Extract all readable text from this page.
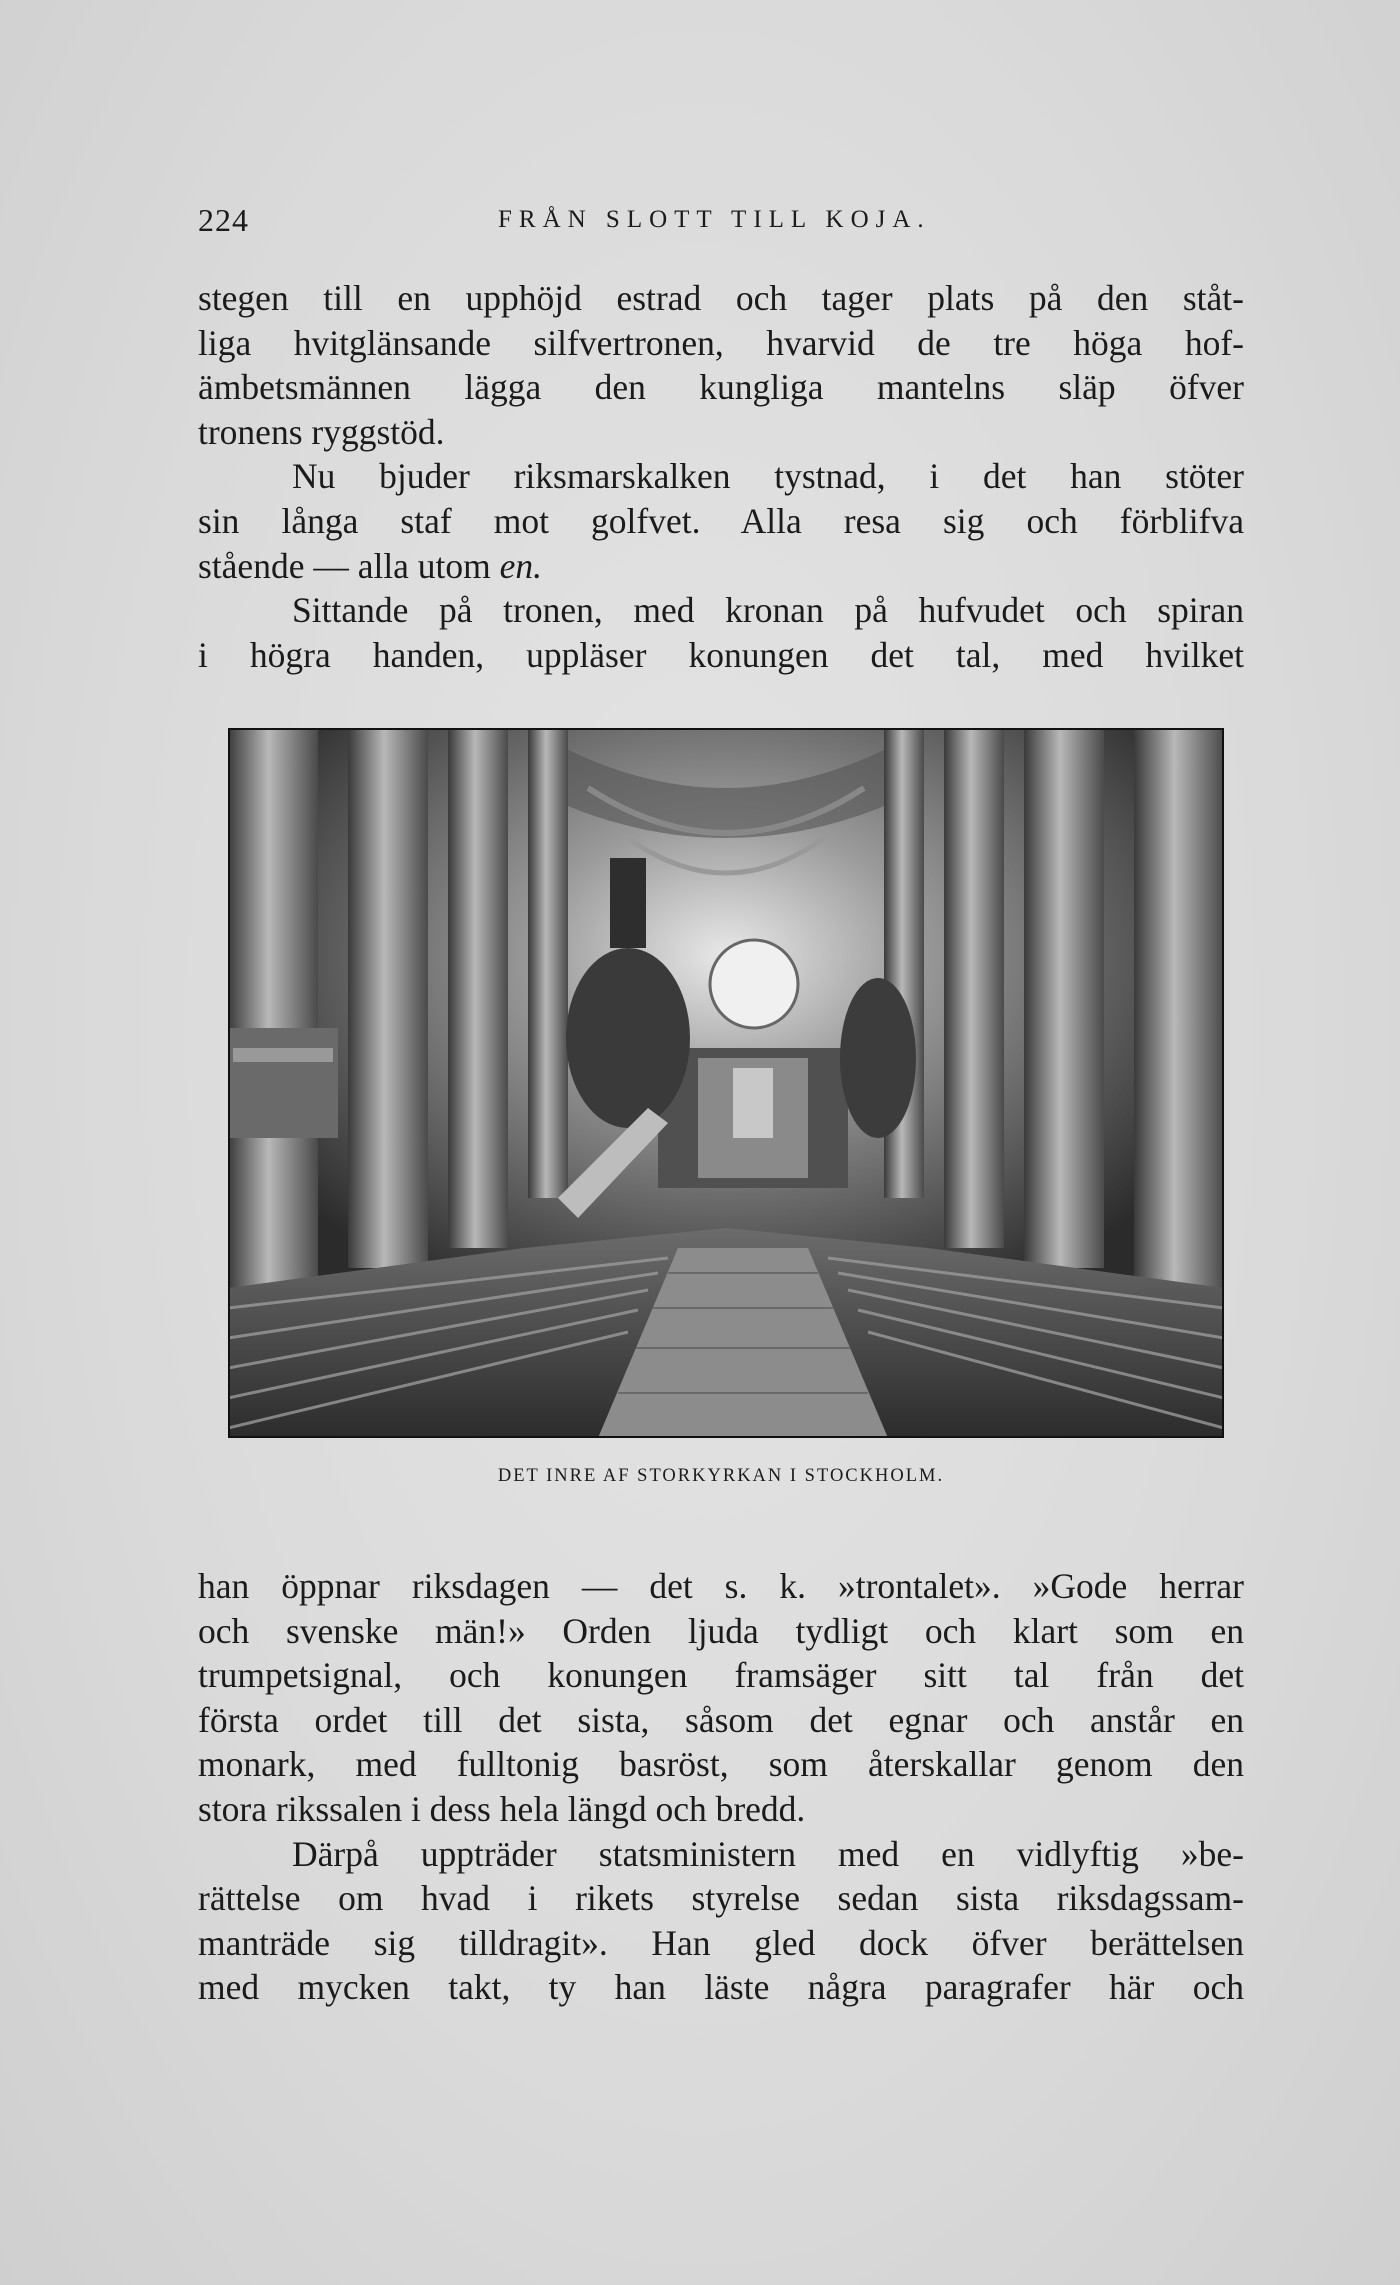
224	FRÅN SLOTT TILL KOJA.
stegen till en upphöjd estrad och tager plats på den ståt-
liga hvitglänsande silfvertronen, hvarvid de tre höga hof-
ämbetsmännen lägga den kungliga mantelns släp öfver
tronens ryggstöd.
Nu bjuder riksmarskalken tystnad, i det han stöter
sin långa staf mot golfvet. Alla resa sig och förblifva
stående — alla utom en.
Sittande på tronen, med kronan på hufvudet och spiran
i högra handen, uppläser konungen det tal, med hvilket
DET INRE AF STORKYRKAN I STOCKHOLM.
han öppnar riksdagen — det s. k. »trontalet». »Gode herrar
och svenske män!» Orden ljuda tydligt och klart som en
trumpetsignal, och konungen framsäger sitt tal från det
första ordet till det sista, såsom det egnar och anstår en
monark, med fulltonig basröst, som återskallar genom den
stora rikssalen i dess hela längd och bredd.
Därpå uppträder statsministern med en vidlyftig »be-
rättelse om hvad i rikets styrelse sedan sista riksdagssam-
manträde sig tilldragit». Han gled dock öfver berättelsen
med mycken takt, ty han läste några paragrafer här och
